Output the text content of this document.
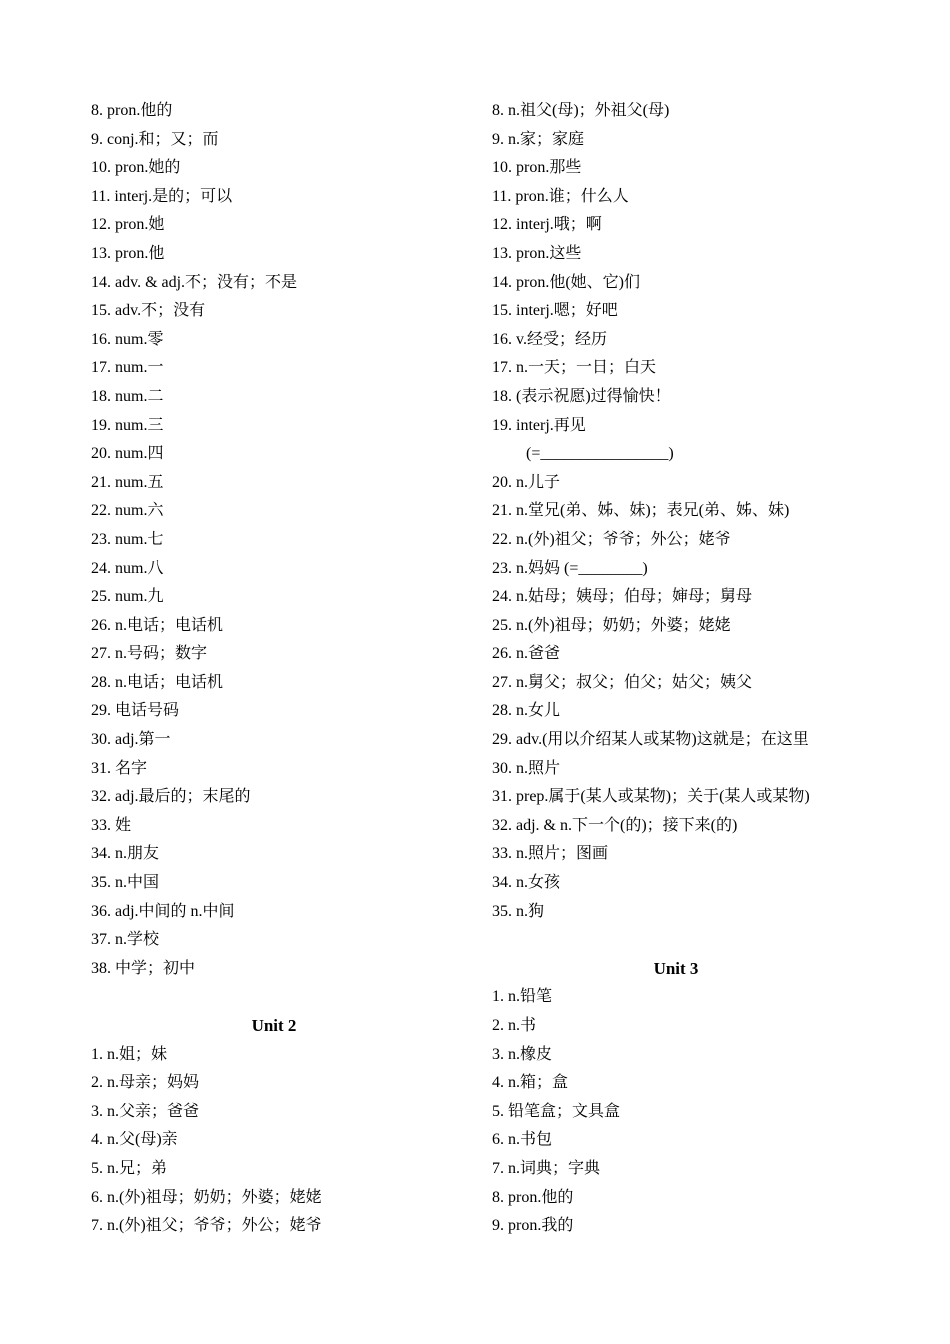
8. pron.他的
9. conj.和；又；而
10. pron.她的
11. interj.是的；可以
12. pron.她
13. pron.他
14. adv. & adj.不；没有；不是
15. adv.不；没有
16. num.零
17. num.一
18. num.二
19. num.三
20. num.四
21. num.五
22. num.六
23. num.七
24. num.八
25. num.九
26. n.电话；电话机
27. n.号码；数字
28. n.电话；电话机
29. 电话号码
30. adj.第一
31. 名字
32. adj.最后的；末尾的
33. 姓
34. n.朋友
35. n.中国
36. adj.中间的 n.中间
37. n.学校
38. 中学；初中
Unit 2
1. n.姐；妹
2. n.母亲；妈妈
3. n.父亲；爸爸
4. n.父(母)亲
5. n.兄；弟
6. n.(外)祖母；奶奶；外婆；姥姥
7. n.(外)祖父；爷爷；外公；姥爷
8. n.祖父(母)；外祖父(母)
9. n.家；家庭
10. pron.那些
11. pron.谁；什么人
12. interj.哦；啊
13. pron.这些
14. pron.他(她、它)们
15. interj.嗯；好吧
16. v.经受；经历
17. n.一天；一日；白天
18. (表示祝愿)过得愉快！
19. interj.再见
(=________________)
20. n.儿子
21. n.堂兄(弟、姊、妹)；表兄(弟、姊、妹)
22. n.(外)祖父；爷爷；外公；姥爷
23. n.妈妈 (=________)
24. n.姑母；姨母；伯母；婶母；舅母
25. n.(外)祖母；奶奶；外婆；姥姥
26. n.爸爸
27. n.舅父；叔父；伯父；姑父；姨父
28. n.女儿
29. adv.(用以介绍某人或某物)这就是；在这里
30. n.照片
31. prep.属于(某人或某物)；关于(某人或某物)
32. adj. & n.下一个(的)；接下来(的)
33. n.照片；图画
34. n.女孩
35. n.狗
Unit 3
1. n.铅笔
2. n.书
3. n.橡皮
4. n.箱；盒
5. 铅笔盒；文具盒
6. n.书包
7. n.词典；字典
8. pron.他的
9. pron.我的
